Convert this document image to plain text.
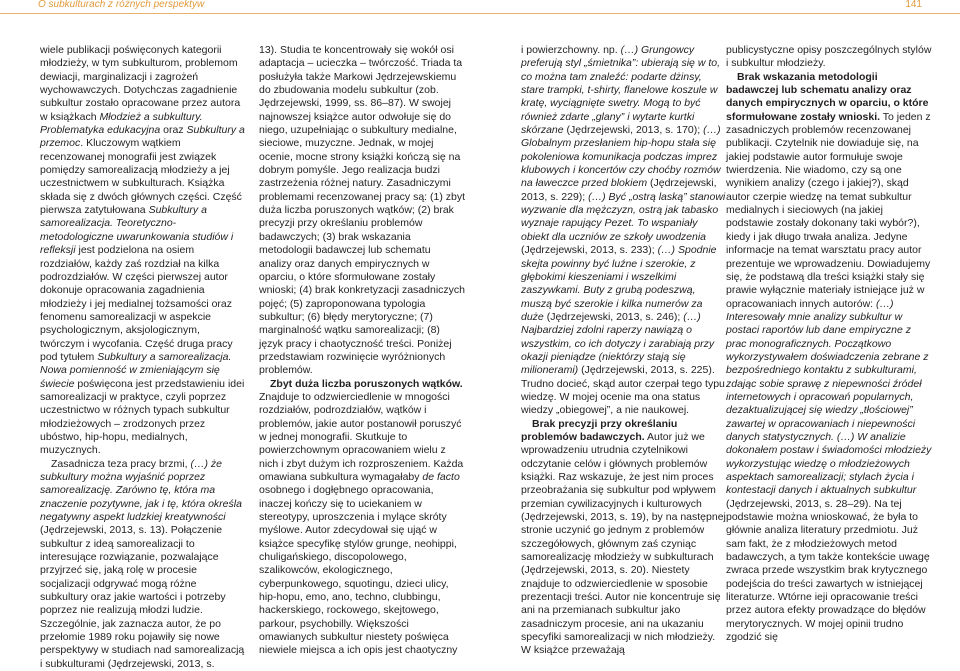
O subkulturach z różnych perspektyw	141

wiele publikacji poświęconych kategorii młodzieży, w tym subkulturom, problemom dewiacji, marginalizacji i zagrożeń wychowawczych. Dotychczas zagadnienie subkultur zostało opracowane przez autora w książkach Młodzież a subkultury. Problematyka edukacyjna oraz Subkultury a przemoc. Kluczowym wątkiem recenzowanej monografii jest związek pomiędzy samorealizacją młodzieży a jej uczestnictwem w subkulturach. Książka składa się z dwóch głównych części. Część pierwsza zatytułowana Subkultury a samorealizacja. Teoretyczno-metodologiczne uwarunkowania studiów i refleksji jest podzielona na osiem rozdziałów, każdy zaś rozdział na kilka podrozdziałów. W części pierwszej autor dokonuje opracowania zagadnienia młodzieży i jej medialnej tożsamości oraz fenomenu samorealizacji w aspekcie psychologicznym, aksjologicznym, twórczym i wycofania. Część druga pracy pod tytułem Subkultury a samorealizacja. Nowa pomienność w zmieniającym się świecie poświęcona jest przedstawieniu idei samorealizacji w praktyce, czyli poprzez uczestnictwo w różnych typach subkultur młodzieżowych – zrodzonych przez ubóstwo, hip-hopu, medialnych, muzycznych.

Zasadnicza teza pracy brzmi, (…) że subkultury można wyjaśnić poprzez samorealizację. Zarówno tę, która ma znaczenie pozytywne, jak i tę, która określa negatywny aspekt ludzkiej kreatywności (Jędrzejewski, 2013, s. 13). Połączenie subkultur z ideą samorealizacji to interesujące rozwiązanie, pozwalające przyjrzeć się, jaką rolę w procesie socjalizacji odgrywać mogą różne subkultury oraz jakie wartości i potrzeby poprzez nie realizują młodzi ludzie. Szczególnie, jak zaznacza autor, że po przełomie 1989 roku pojawiły się nowe perspektywy w studiach nad samorealizacją i subkulturami (Jędrzejewski, 2013, s.

13). Studia te koncentrowały się wokół osi adaptacja – ucieczka – twórczość. Triada ta posłużyła także Markowi Jędrzejewskiemu do zbudowania modelu subkultur (zob. Jędrzejewski, 1999, ss. 86–87). W swojej najnowszej książce autor odwołuje się do niego, uzupełniając o subkultury medialne, sieciowe, muzyczne. Jednak, w mojej ocenie, mocne strony książki kończą się na dobrym pomyśle. Jego realizacja budzi zastrzeżenia różnej natury. Zasadniczymi problemami recenzowanej pracy są: (1) zbyt duża liczba poruszonych wątków; (2) brak precyzji przy określaniu problemów badawczych; (3) brak wskazania metodologii badawczej lub schematu analizy oraz danych empirycznych w oparciu, o które sformułowane zostały wnioski; (4) brak konkretyzacji zasadniczych pojęć; (5) zaproponowana typologia subkultur; (6) błędy merytoryczne; (7) marginalność wątku samorealizacji; (8) język pracy i chaotyczność treści. Poniżej przedstawiam rozwinięcie wyróżnionych problemów.

Zbyt duża liczba poruszonych wątków. Znajduje to odzwierciedlenie w mnogości rozdziałów, podrozdziałów, wątków i problemów, jakie autor postanowił poruszyć w jednej monografii. Skutkuje to powierzchownym opracowaniem wielu z nich i zbyt dużym ich rozproszeniem. Każda omawiana subkultura wymagałaby de facto osobnego i dogłębnego opracowania, inaczej kończy się to uciekaniem w stereotypy, uproszczenia i mylące skróty myślowe. Autor zdecydował się ująć w książce specyfikę stylów grunge, neohippi, chuligańskiego, discopolowego, szalikowców, ekologicznego, cyberpunkowego, squotingu, dzieci ulicy, hip-hopu, emo, ano, techno, clubbingu, hackerskiego, rockowego, skejtowego, parkour, psychobilly. Większości omawianych subkultur niestety poświęca niewiele miejsca a ich opis jest chaotyczny

i powierzchowny. np. (…) Grungowcy preferują styl „śmietnika”: ubierają się w to, co można tam znaleźć: podarte dżinsy, stare trampki, t-shirty, flanelowe koszule w kratę, wyciągnięte swetry. Mogą to być również zdarte „glany” i wytarte kurtki skórzane (Jędrzejewski, 2013, s. 170); (…) Globalnym przesłaniem hip-hopu stała się pokoleniowa komunikacja podczas imprez klubowych i koncertów czy choćby rozmów na ławeczce przed blokiem (Jędrzejewski, 2013, s. 229); (…) Być „ostrą laską” stanowi wyzwanie dla mężczyzn, ostrą jak tabasko wyznaje rapujący Pezet. To wspaniały obiekt dla uczniów ze szkoły uwodzenia (Jędrzejewski, 2013, s. 233); (…) Spodnie skejta powinny być luźne i szerokie, z głębokimi kieszeniami i wszelkimi zaszywkami. Buty z grubą podeszwą, muszą być szerokie i kilka numerów za duże (Jędrzejewski, 2013, s. 246); (…) Najbardziej zdolni raperzy nawiązą o wszystkim, co ich dotyczy i zarabiają przy okazji pieniądze (niektórzy stają się milionerami) (Jędrzejewski, 2013, s. 225). Trudno docieć, skąd autor czerpał tego typu wiedzę. W mojej ocenie ma ona status wiedzy „obiegowej”, a nie naukowej.

Brak precyzji przy określaniu problemów badawczych. Autor już we wprowadzeniu utrudnia czytelnikowi odczytanie celów i głównych problemów książki. Raz wskazuje, że jest nim proces przeobrażania się subkultur pod wpływem przemian cywilizacyjnych i kulturowych (Jędrzejewski, 2013, s. 19), by na następnej stronie uczynić go jednym z problemów szczegółowych, głównym zaś czyniąc samorealizację młodzieży w subkulturach (Jędrzejewski, 2013, s. 20). Niestety znajduje to odzwierciedlenie w sposobie prezentacji treści. Autor nie koncentruje się ani na przemianach subkultur jako zasadniczym procesie, ani na ukazaniu specyfiki samorealizacji w nich młodzieży. W książce przeważają

publicystyczne opisy poszczególnych stylów i subkultur młodzieży.

Brak wskazania metodologii badawczej lub schematu analizy oraz danych empirycznych w oparciu, o które sformułowane zostały wnioski. To jeden z zasadniczych problemów recenzowanej publikacji. Czytelnik nie dowiaduje się, na jakiej podstawie autor formułuje swoje twierdzenia. Nie wiadomo, czy są one wynikiem analizy (czego i jakiej?), skąd autor czerpie wiedzę na temat subkultur medialnych i sieciowych (na jakiej podstawie zostały dokonany taki wybór?), kiedy i jak długo trwała analiza. Jedyne informacje na temat warsztatu pracy autor prezentuje we wprowadzeniu. Dowiadujemy się, że podstawą dla treści książki stały się prawie wyłącznie materiały istniejące już w opracowaniach innych autorów: (…) Interesowały mnie analizy subkultur w postaci raportów lub dane empiryczne z prac monograficznych. Początkowo wykorzystywałem doświadczenia zebrane z bezpośredniego kontaktu z subkulturami, zdając sobie sprawę z niepewności źródeł internetowych i opracowań popularnych, dezaktualizującej się wiedzy „tłościowej” zawartej w opracowaniach i niepewności danych statystycznych. (…) W analizie dokonałem postaw i świadomości młodzieży wykorzystując wiedzę o młodzieżowych aspektach samorealizacji; stylach życia i kontestacji danych i aktualnych subkultur (Jędrzejewski, 2013, s. 28–29). Na tej podstawie można wnioskować, że była to głównie analiza literatury przedmiotu. Już sam fakt, że z młodzieżowych metod badawczych, a tym także kontekście uwagę zwraca przede wszystkim brak krytycznego podejścia do treści zawartych w istniejącej literaturze. Wtórne ieji opracowanie treści przez autora efekty prowadzące do błędów merytorycznych. W mojej opinii trudno zgodzić się
